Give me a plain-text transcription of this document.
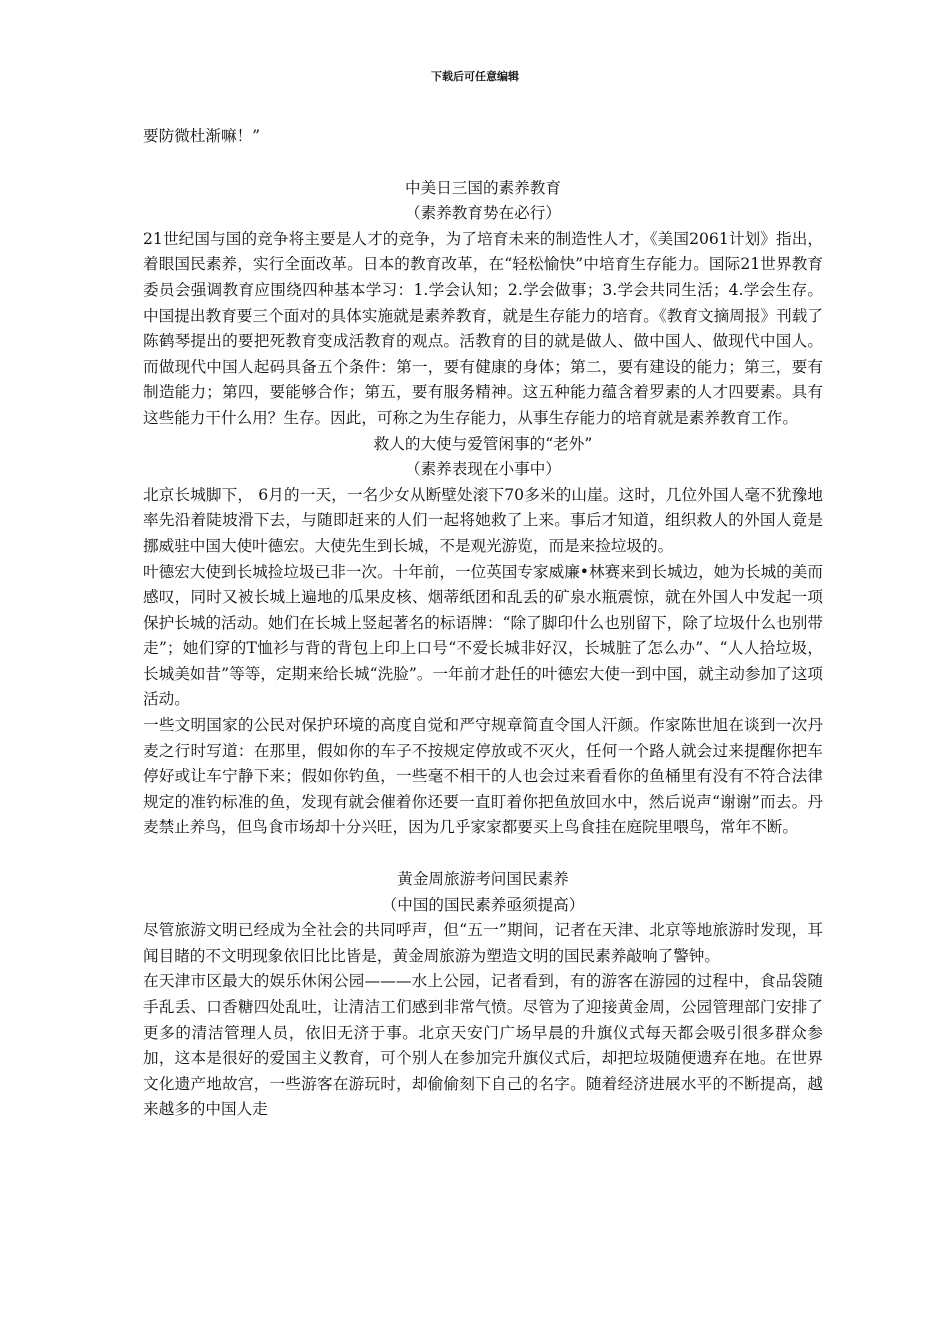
下载后可任意编辑

要防微杜渐嘛！”

中美日三国的素养教育

（素养教育势在必行）

21世纪国与国的竞争将主要是人才的竞争，为了培育未来的制造性人才，《美国2061计划》指出，着眼国民素养，实行全面改革。日本的教育改革，在“轻松愉快”中培育生存能力。国际21世界教育委员会强调教育应围绕四种基本学习：1.学会认知；2.学会做事；3.学会共同生活；4.学会生存。中国提出教育要三个面对的具体实施就是素养教育，就是生存能力的培育。《教育文摘周报》刊载了陈鹤琴提出的要把死教育变成活教育的观点。活教育的目的就是做人、做中国人、做现代中国人。而做现代中国人起码具备五个条件：第一，要有健康的身体；第二，要有建设的能力；第三，要有制造能力；第四，要能够合作；第五，要有服务精神。这五种能力蕴含着罗素的人才四要素。具有这些能力干什么用？生存。因此，可称之为生存能力，从事生存能力的培育就是素养教育工作。

救人的大使与爱管闲事的“老外”

（素养表现在小事中）

北京长城脚下， 6月的一天，一名少女从断壁处滚下70多米的山崖。这时，几位外国人毫不犹豫地率先沿着陡坡滑下去，与随即赶来的人们一起将她救了上来。事后才知道，组织救人的外国人竟是挪威驻中国大使叶德宏。大使先生到长城，不是观光游览，而是来捡垃圾的。

叶德宏大使到长城捡垃圾已非一次。十年前，一位英国专家威廉•林赛来到长城边，她为长城的美而感叹，同时又被长城上遍地的瓜果皮核、烟蒂纸团和乱丢的矿泉水瓶震惊，就在外国人中发起一项保护长城的活动。她们在长城上竖起著名的标语牌：“除了脚印什么也别留下，除了垃圾什么也别带走”；她们穿的T恤衫与背的背包上印上口号“不爱长城非好汉，长城脏了怎么办”、“人人拾垃圾，长城美如昔”等等，定期来给长城“洗脸”。一年前才赴任的叶德宏大使一到中国，就主动参加了这项活动。

一些文明国家的公民对保护环境的高度自觉和严守规章简直令国人汗颜。作家陈世旭在谈到一次丹麦之行时写道：在那里，假如你的车子不按规定停放或不灭火，任何一个路人就会过来提醒你把车停好或让车宁静下来；假如你钓鱼，一些毫不相干的人也会过来看看你的鱼桶里有没有不符合法律规定的准钓标准的鱼，发现有就会催着你还要一直盯着你把鱼放回水中，然后说声“谢谢”而去。丹麦禁止养鸟，但鸟食市场却十分兴旺，因为几乎家家都要买上鸟食挂在庭院里喂鸟，常年不断。

黄金周旅游考问国民素养

（中国的国民素养亟须提高）

尽管旅游文明已经成为全社会的共同呼声，但“五一”期间，记者在天津、北京等地旅游时发现，耳闻目睹的不文明现象依旧比比皆是，黄金周旅游为塑造文明的国民素养敲响了警钟。

在天津市区最大的娱乐休闲公园———水上公园，记者看到，有的游客在游园的过程中，食品袋随手乱丢、口香糖四处乱吐，让清洁工们感到非常气愤。尽管为了迎接黄金周，公园管理部门安排了更多的清洁管理人员，依旧无济于事。北京天安门广场早晨的升旗仪式每天都会吸引很多群众参加，这本是很好的爱国主义教育，可个别人在参加完升旗仪式后，却把垃圾随便遗弃在地。在世界文化遗产地故宫，一些游客在游玩时，却偷偷刻下自己的名字。随着经济进展水平的不断提高，越来越多的中国人走
